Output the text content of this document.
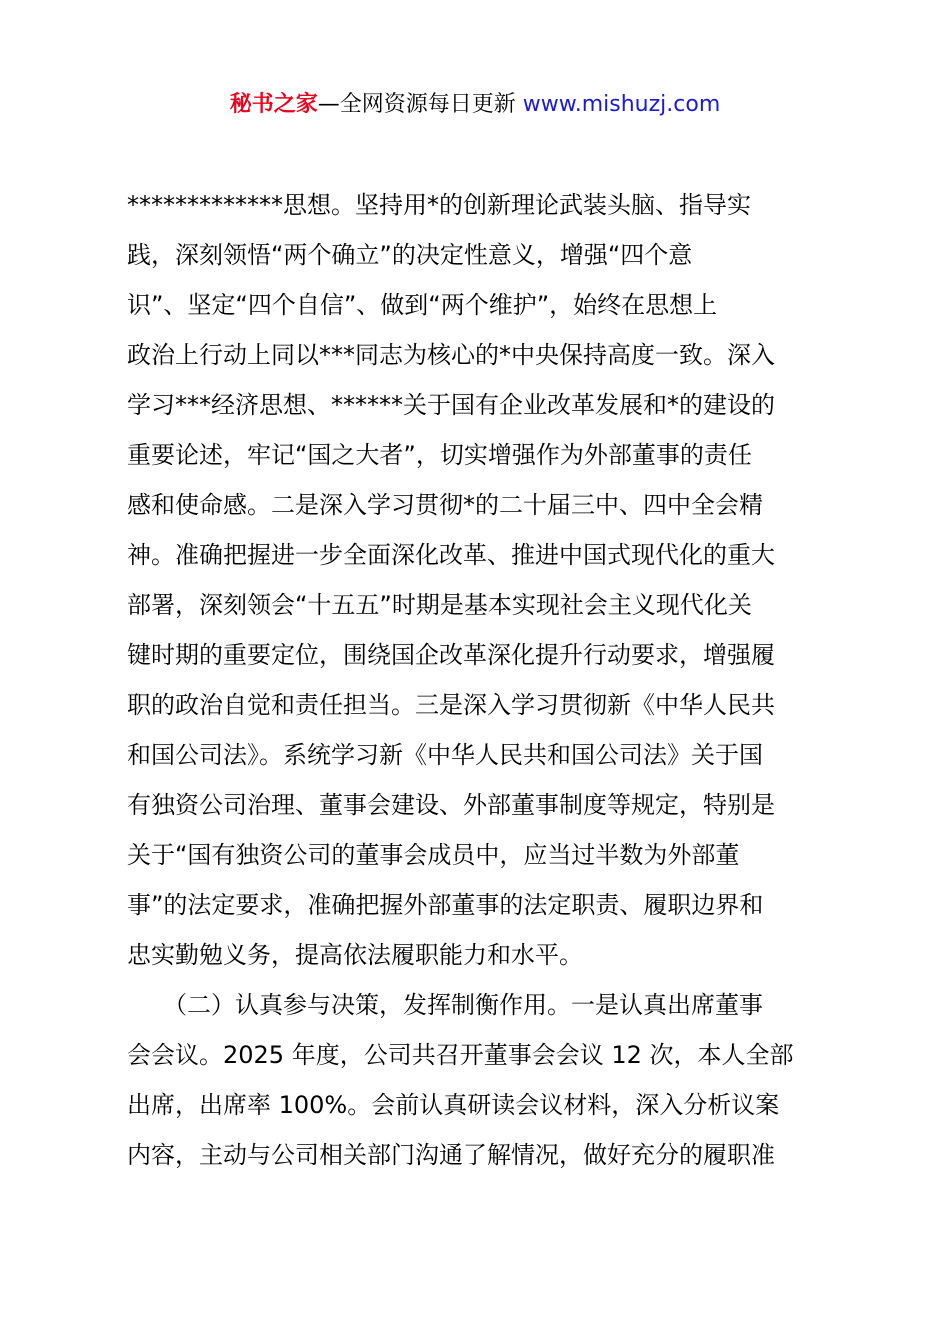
秘书之家—全网资源每日更新 www.mishuzj.com
*************思想。坚持用*的创新理论武装头脑、指导实
践，深刻领悟“两个确立”的决定性意义，增强“四个意
识”、坚定“四个自信”、做到“两个维护”，始终在思想上
政治上行动上同以***同志为核心的*中央保持高度一致。深入
学习***经济思想、******关于国有企业改革发展和*的建设的
重要论述，牢记“国之大者”，切实增强作为外部董事的责任
感和使命感。二是深入学习贯彻*的二十届三中、四中全会精
神。准确把握进一步全面深化改革、推进中国式现代化的重大
部署，深刻领会“十五五”时期是基本实现社会主义现代化关
键时期的重要定位，围绕国企改革深化提升行动要求，增强履
职的政治自觉和责任担当。三是深入学习贯彻新《中华人民共
和国公司法》。系统学习新《中华人民共和国公司法》关于国
有独资公司治理、董事会建设、外部董事制度等规定，特别是
关于“国有独资公司的董事会成员中，应当过半数为外部董
事”的法定要求，准确把握外部董事的法定职责、履职边界和
忠实勤勉义务，提高依法履职能力和水平。
　　（二）认真参与决策，发挥制衡作用。一是认真出席董事
会会议。2025 年度，公司共召开董事会会议 12 次，本人全部
出席，出席率 100%。会前认真研读会议材料，深入分析议案
内容，主动与公司相关部门沟通了解情况，做好充分的履职准
